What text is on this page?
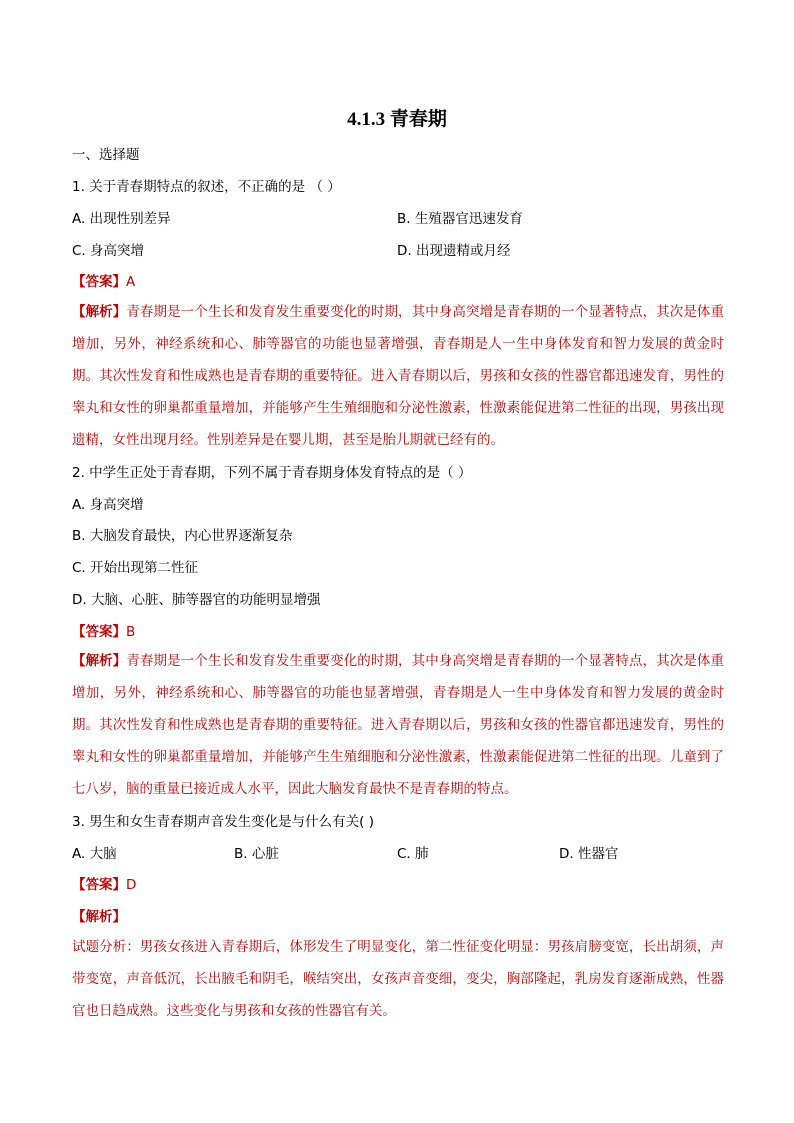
4.1.3 青春期
一、选择题
1. 关于青春期特点的叙述，不正确的是 （ ）
A. 出现性别差异	B. 生殖器官迅速发育
C. 身高突增	D. 出现遗精或月经
【答案】A
【解析】青春期是一个生长和发育发生重要变化的时期，其中身高突增是青春期的一个显著特点，其次是体重增加，另外，神经系统和心、肺等器官的功能也显著增强，青春期是人一生中身体发育和智力发展的黄金时期。其次性发育和性成熟也是青春期的重要特征。进入青春期以后，男孩和女孩的性器官都迅速发育，男性的睾丸和女性的卵巢都重量增加，并能够产生生殖细胞和分泌性激素，性激素能促进第二性征的出现，男孩出现遗精，女性出现月经。性别差异是在婴儿期，甚至是胎儿期就已经有的。
2. 中学生正处于青春期，下列不属于青春期身体发育特点的是（ ）
A. 身高突增
B. 大脑发育最快，内心世界逐渐复杂
C. 开始出现第二性征
D. 大脑、心脏、肺等器官的功能明显增强
【答案】B
【解析】青春期是一个生长和发育发生重要变化的时期，其中身高突增是青春期的一个显著特点，其次是体重增加，另外，神经系统和心、肺等器官的功能也显著增强，青春期是人一生中身体发育和智力发展的黄金时期。其次性发育和性成熟也是青春期的重要特征。进入青春期以后，男孩和女孩的性器官都迅速发育，男性的睾丸和女性的卵巢都重量增加，并能够产生生殖细胞和分泌性激素，性激素能促进第二性征的出现。儿童到了七八岁，脑的重量已接近成人水平，因此大脑发育最快不是青春期的特点。
3. 男生和女生青春期声音发生变化是与什么有关( )
A. 大脑	B. 心脏	C. 肺	D. 性器官
【答案】D
【解析】
试题分析：男孩女孩进入青春期后，体形发生了明显变化，第二性征变化明显：男孩肩膀变宽，长出胡须，声带变宽，声音低沉，长出腋毛和阴毛，喉结突出，女孩声音变细，变尖，胸部隆起，乳房发育逐渐成熟，性器官也日趋成熟。这些变化与男孩和女孩的性器官有关。
